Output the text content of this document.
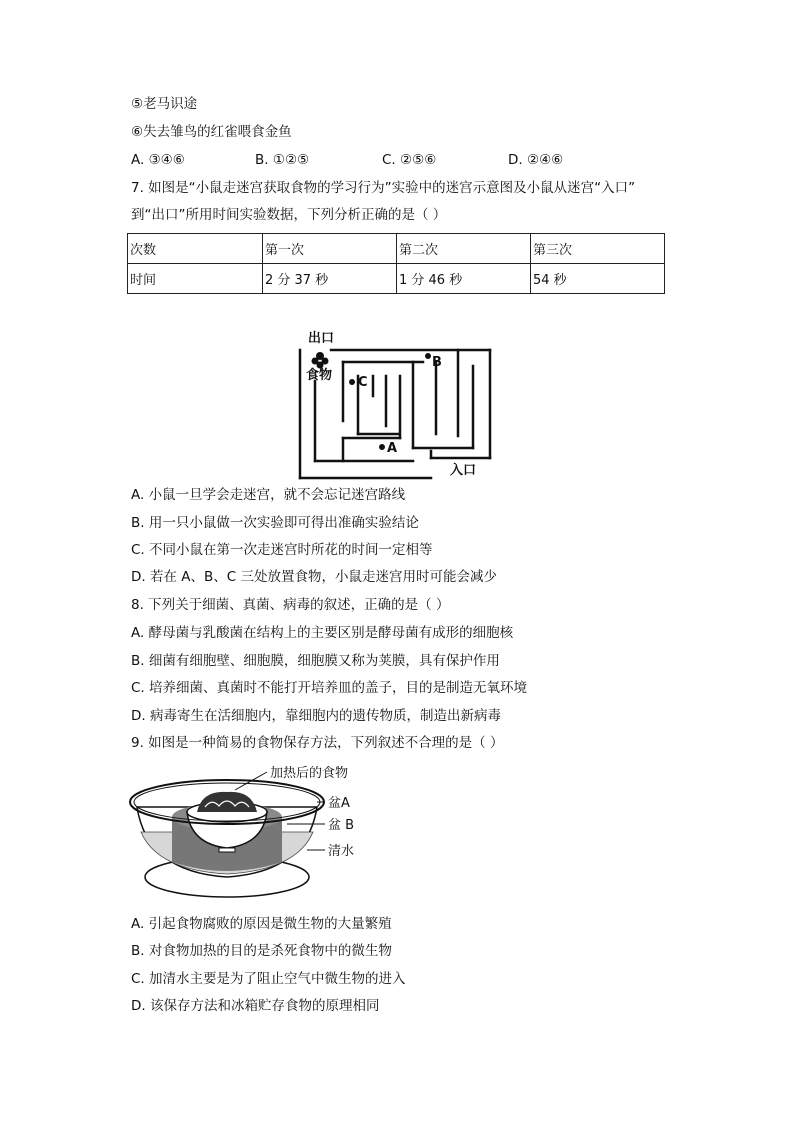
⑤老马识途
⑥失去雏鸟的红雀喂食金鱼
A. ③④⑥	B. ①②⑤	C. ②⑤⑥	D. ②④⑥
7. 如图是“小鼠走迷宫获取食物的学习行为”实验中的迷宫示意图及小鼠从迷宫“入口”
到“出口”所用时间实验数据，下列分析正确的是（ ）
次数	第一次	第二次	第三次
时间	2 分 37 秒	1 分 46 秒	54 秒
出口
食物
B
C
A
入口
A. 小鼠一旦学会走迷宫，就不会忘记迷宫路线
B. 用一只小鼠做一次实验即可得出准确实验结论
C. 不同小鼠在第一次走迷宫时所花的时间一定相等
D. 若在 A、B、C 三处放置食物，小鼠走迷宫用时可能会减少
8. 下列关于细菌、真菌、病毒的叙述，正确的是（ ）
A. 酵母菌与乳酸菌在结构上的主要区别是酵母菌有成形的细胞核
B. 细菌有细胞壁、细胞膜，细胞膜又称为荚膜，具有保护作用
C. 培养细菌、真菌时不能打开培养皿的盖子，目的是制造无氧环境
D. 病毒寄生在活细胞内，靠细胞内的遗传物质，制造出新病毒
9. 如图是一种简易的食物保存方法，下列叙述不合理的是（ ）
加热后的食物
盆A
盆 B
清水
A. 引起食物腐败的原因是微生物的大量繁殖
B. 对食物加热的目的是杀死食物中的微生物
C. 加清水主要是为了阻止空气中微生物的进入
D. 该保存方法和冰箱贮存食物的原理相同
